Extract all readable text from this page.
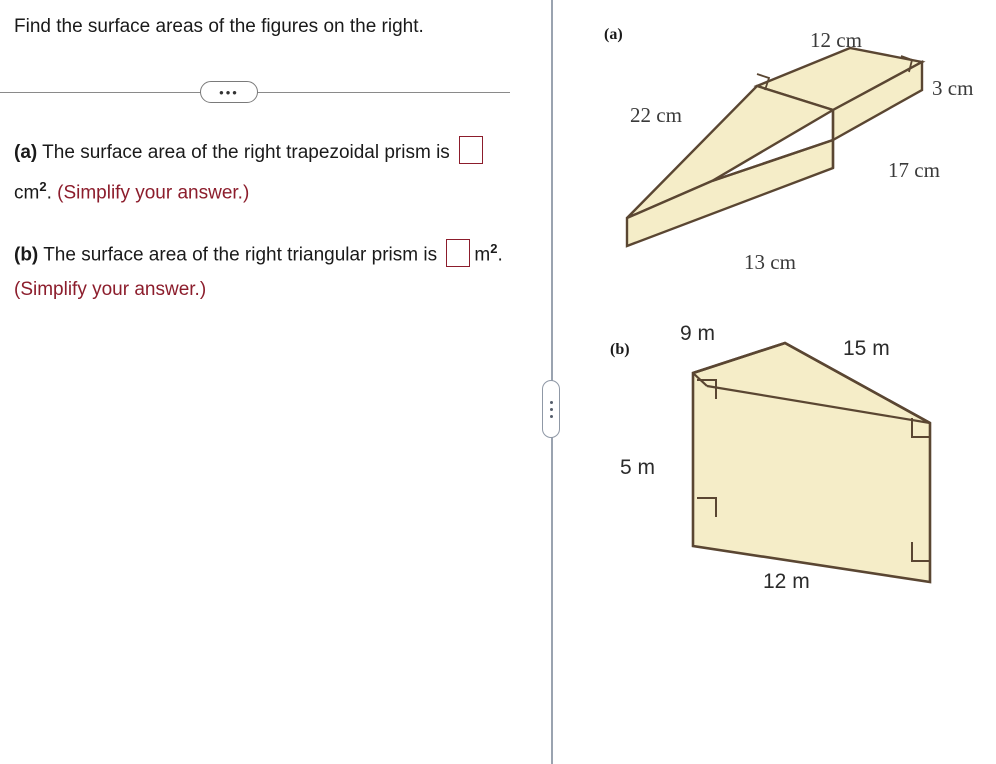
Find the surface areas of the figures on the right.
•••
(a) The surface area of the right trapezoidal prism is $cm^2$. (Simplify your answer.)
(b) The surface area of the right triangular prism is $m^2$. (Simplify your answer.)
(a)	12 cm
3 cm
22 cm
17 cm
13 cm
(b)
9 m
15 m
5 m
12 m
